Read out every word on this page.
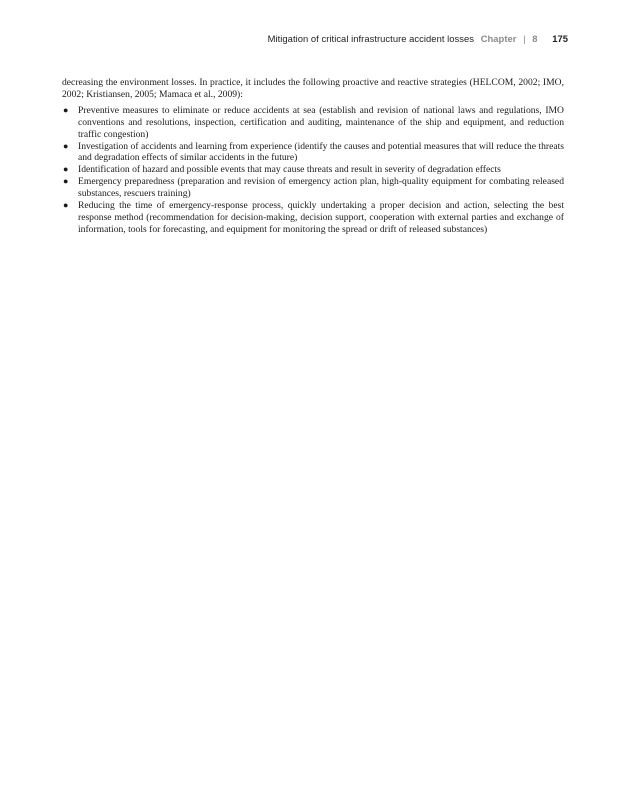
Mitigation of critical infrastructure accident losses Chapter | 8 175

decreasing the environment losses. In practice, it includes the following proactive and reactive strategies (HELCOM, 2002; IMO, 2002; Kristiansen, 2005; Mamaca et al., 2009):

● Preventive measures to eliminate or reduce accidents at sea (establish and revision of national laws and regulations, IMO conventions and resolutions, inspection, certification and auditing, maintenance of the ship and equipment, and reduction traffic congestion)
● Investigation of accidents and learning from experience (identify the causes and potential measures that will reduce the threats and degradation effects of similar accidents in the future)
● Identification of hazard and possible events that may cause threats and result in severity of degradation effects
● Emergency preparedness (preparation and revision of emergency action plan, high-quality equipment for combating released substances, rescuers training)
● Reducing the time of emergency-response process, quickly undertaking a proper decision and action, selecting the best response method (recommendation for decision-making, decision support, cooperation with external parties and exchange of information, tools for forecasting, and equipment for monitoring the spread or drift of released substances)
